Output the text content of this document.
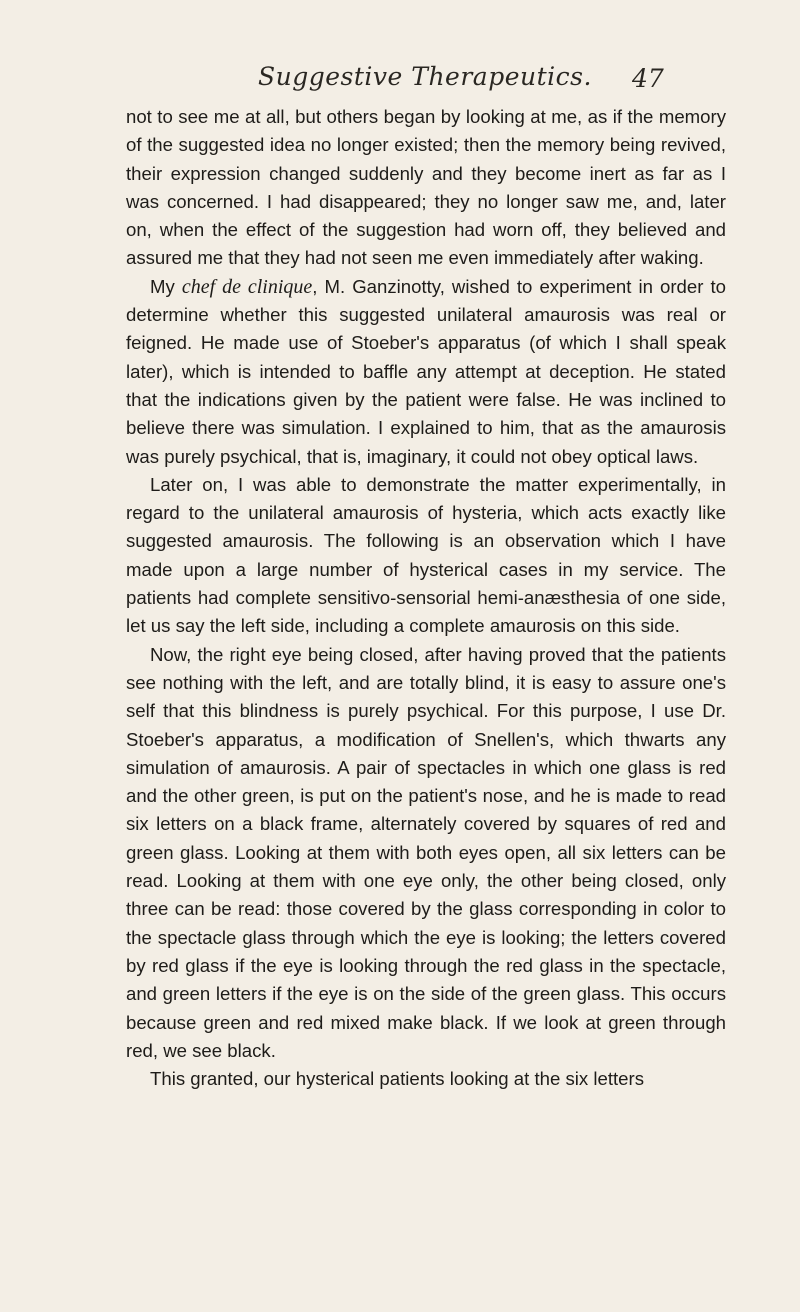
Suggestive Therapeutics. 47

not to see me at all, but others began by looking at me, as if the memory of the suggested idea no longer existed; then the memory being revived, their expression changed suddenly and they become inert as far as I was concerned. I had disappeared; they no longer saw me, and, later on, when the effect of the suggestion had worn off, they believed and assured me that they had not seen me even immediately after waking.

My chef de clinique, M. Ganzinotty, wished to experiment in order to determine whether this suggested unilateral amaurosis was real or feigned. He made use of Stoeber's apparatus (of which I shall speak later), which is intended to baffle any attempt at deception. He stated that the indications given by the patient were false. He was inclined to believe there was simulation. I explained to him, that as the amaurosis was purely psychical, that is, imaginary, it could not obey optical laws.

Later on, I was able to demonstrate the matter experimentally, in regard to the unilateral amaurosis of hysteria, which acts exactly like suggested amaurosis. The following is an observation which I have made upon a large number of hysterical cases in my service. The patients had complete sensitivo-sensorial hemi-anæsthesia of one side, let us say the left side, including a complete amaurosis on this side.

Now, the right eye being closed, after having proved that the patients see nothing with the left, and are totally blind, it is easy to assure one's self that this blindness is purely psychical. For this purpose, I use Dr. Stoeber's apparatus, a modification of Snellen's, which thwarts any simulation of amaurosis. A pair of spectacles in which one glass is red and the other green, is put on the patient's nose, and he is made to read six letters on a black frame, alternately covered by squares of red and green glass. Looking at them with both eyes open, all six letters can be read. Looking at them with one eye only, the other being closed, only three can be read: those covered by the glass corresponding in color to the spectacle glass through which the eye is looking; the letters covered by red glass if the eye is looking through the red glass in the spectacle, and green letters if the eye is on the side of the green glass. This occurs because green and red mixed make black. If we look at green through red, we see black.

This granted, our hysterical patients looking at the six letters
